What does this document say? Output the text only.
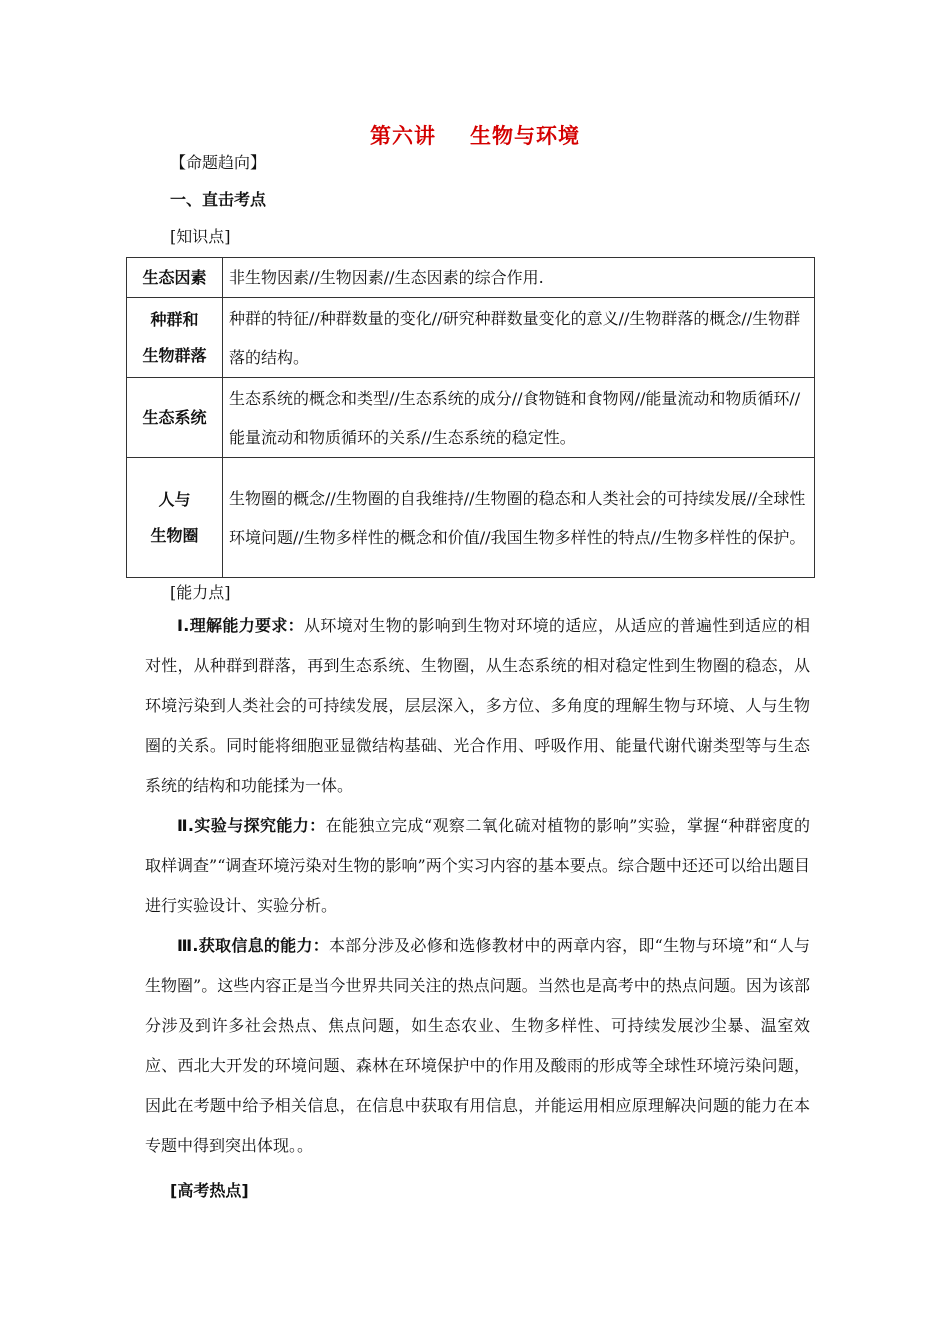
第六讲 生物与环境
【命题趋向】
一、直击考点
[知识点]
生态因素	非生物因素//生物因素//生态因素的综合作用.

种群和
生物群落	种群的特征//种群数量的变化//研究种群数量变化的意义//生物群落的概念//生物群落的结构。

生态系统	生态系统的概念和类型//生态系统的成分//食物链和食物网//能量流动和物质循环//能量流动和物质循环的关系//生态系统的稳定性。

人与
生物圈	生物圈的概念//生物圈的自我维持//生物圈的稳态和人类社会的可持续发展//全球性环境问题//生物多样性的概念和价值//我国生物多样性的特点//生物多样性的保护。
[能力点]
Ⅰ.理解能力要求：从环境对生物的影响到生物对环境的适应，从适应的普遍性到适应的相对性，从种群到群落，再到生态系统、生物圈，从生态系统的相对稳定性到生物圈的稳态，从环境污染到人类社会的可持续发展，层层深入，多方位、多角度的理解生物与环境、人与生物圈的关系。同时能将细胞亚显微结构基础、光合作用、呼吸作用、能量代谢代谢类型等与生态系统的结构和功能揉为一体。
Ⅱ.实验与探究能力：在能独立完成“观察二氧化硫对植物的影响”实验，掌握“种群密度的取样调查”“调查环境污染对生物的影响”两个实习内容的基本要点。综合题中还还可以给出题目进行实验设计、实验分析。
Ⅲ.获取信息的能力：本部分涉及必修和选修教材中的两章内容，即“生物与环境”和“人与生物圈”。这些内容正是当今世界共同关注的热点问题。当然也是高考中的热点问题。因为该部分涉及到许多社会热点、焦点问题，如生态农业、生物多样性、可持续发展沙尘暴、温室效应、西北大开发的环境问题、森林在环境保护中的作用及酸雨的形成等全球性环境污染问题，因此在考题中给予相关信息，在信息中获取有用信息，并能运用相应原理解决问题的能力在本专题中得到突出体现。。
[高考热点]
